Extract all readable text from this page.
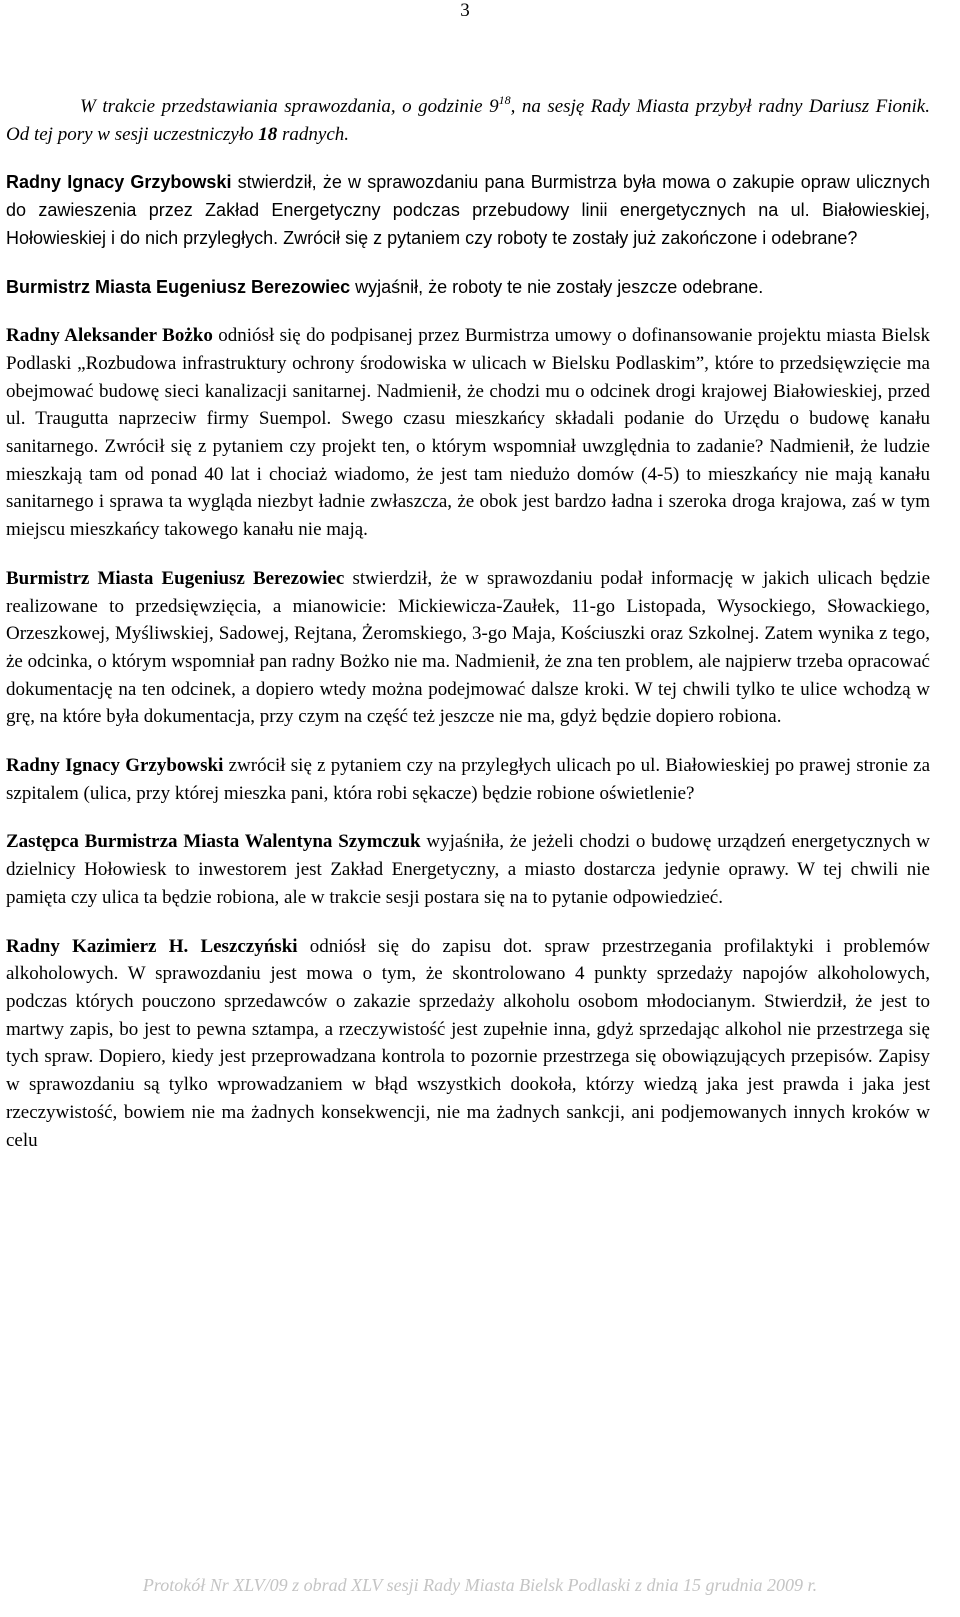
3

W trakcie przedstawiania sprawozdania, o godzinie $9^{18}$, na sesję Rady Miasta przybył radny Dariusz Fionik. Od tej pory w sesji uczestniczyło 18 radnych.

Radny Ignacy Grzybowski stwierdził, że w sprawozdaniu pana Burmistrza była mowa o zakupie opraw ulicznych do zawieszenia przez Zakład Energetyczny podczas przebudowy linii energetycznych na ul. Białowieskiej, Hołowieskiej i do nich przyległych. Zwrócił się z pytaniem czy roboty te zostały już zakończone i odebrane?

Burmistrz Miasta Eugeniusz Berezowiec wyjaśnił, że roboty te nie zostały jeszcze odebrane.

Radny Aleksander Bożko odniósł się do podpisanej przez Burmistrza umowy o dofinansowanie projektu miasta Bielsk Podlaski „Rozbudowa infrastruktury ochrony środowiska w ulicach w Bielsku Podlaskim”, które to przedsięwzięcie ma obejmować budowę sieci kanalizacji sanitarnej. Nadmienił, że chodzi mu o odcinek drogi krajowej Białowieskiej, przed ul. Traugutta naprzeciw firmy Suempol. Swego czasu mieszkańcy składali podanie do Urzędu o budowę kanału sanitarnego. Zwrócił się z pytaniem czy projekt ten, o którym wspomniał uwzględnia to zadanie? Nadmienił, że ludzie mieszkają tam od ponad 40 lat i chociaż wiadomo, że jest tam niedużo domów (4-5) to mieszkańcy nie mają kanału sanitarnego i sprawa ta wygląda niezbyt ładnie zwłaszcza, że obok jest bardzo ładna i szeroka droga krajowa, zaś w tym miejscu mieszkańcy takowego kanału nie mają.

Burmistrz Miasta Eugeniusz Berezowiec stwierdził, że w sprawozdaniu podał informację w jakich ulicach będzie realizowane to przedsięwzięcia, a mianowicie: Mickiewicza-Zaułek, 11-go Listopada, Wysockiego, Słowackiego, Orzeszkowej, Myśliwskiej, Sadowej, Rejtana, Żeromskiego, 3-go Maja, Kościuszki oraz Szkolnej. Zatem wynika z tego, że odcinka, o którym wspomniał pan radny Bożko nie ma. Nadmienił, że zna ten problem, ale najpierw trzeba opracować dokumentację na ten odcinek, a dopiero wtedy można podejmować dalsze kroki. W tej chwili tylko te ulice wchodzą w grę, na które była dokumentacja, przy czym na część też jeszcze nie ma, gdyż będzie dopiero robiona.

Radny Ignacy Grzybowski zwrócił się z pytaniem czy na przyległych ulicach po ul. Białowieskiej po prawej stronie za szpitalem (ulica, przy której mieszka pani, która robi sękacze) będzie robione oświetlenie?

Zastępca Burmistrza Miasta Walentyna Szymczuk wyjaśniła, że jeżeli chodzi o budowę urządzeń energetycznych w dzielnicy Hołowiesk to inwestorem jest Zakład Energetyczny, a miasto dostarcza jedynie oprawy. W tej chwili nie pamięta czy ulica ta będzie robiona, ale w trakcie sesji postara się na to pytanie odpowiedzieć.

Radny Kazimierz H. Leszczyński odniósł się do zapisu dot. spraw przestrzegania profilaktyki i problemów alkoholowych. W sprawozdaniu jest mowa o tym, że skontrolowano 4 punkty sprzedaży napojów alkoholowych, podczas których pouczono sprzedawców o zakazie sprzedaży alkoholu osobom młodocianym. Stwierdził, że jest to martwy zapis, bo jest to pewna sztampa, a rzeczywistość jest zupełnie inna, gdyż sprzedając alkohol nie przestrzega się tych spraw. Dopiero, kiedy jest przeprowadzana kontrola to pozornie przestrzega się obowiązujących przepisów. Zapisy w sprawozdaniu są tylko wprowadzaniem w błąd wszystkich dookoła, którzy wiedzą jaka jest prawda i jaka jest rzeczywistość, bowiem nie ma żadnych konsekwencji, nie ma żadnych sankcji, ani podjemowanych innych kroków w celu

Protokół Nr XLV/09 z obrad XLV sesji Rady Miasta Bielsk Podlaski z dnia 15 grudnia 2009 r.
